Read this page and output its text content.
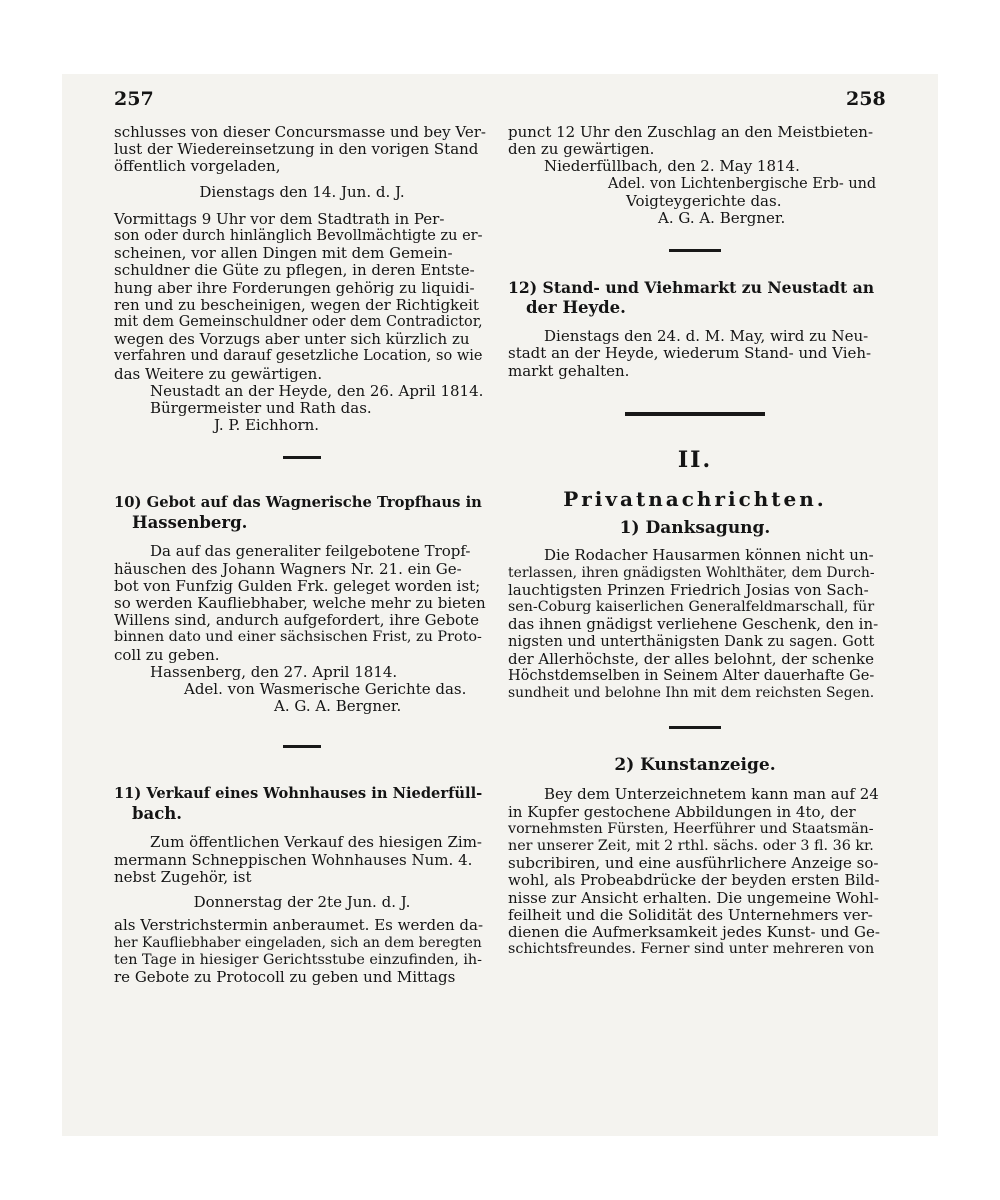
257	258
schlusses von dieser Concursmasse und bey Ver-
lust der Wiedereinsetzung in den vorigen Stand
öffentlich vorgeladen,
Dienstags den 14. Jun. d. J.
Vormittags 9 Uhr vor dem Stadtrath in Per-
son oder durch hinlänglich Bevollmächtigte zu er-
scheinen, vor allen Dingen mit dem Gemein-
schuldner die Güte zu pflegen, in deren Entste-
hung aber ihre Forderungen gehörig zu liquidi-
ren und zu bescheinigen, wegen der Richtigkeit
mit dem Gemeinschuldner oder dem Contradictor,
wegen des Vorzugs aber unter sich kürzlich zu
verfahren und darauf gesetzliche Location, so wie
das Weitere zu gewärtigen.
Neustadt an der Heyde, den 26. April 1814.
Bürgermeister und Rath das.
J. P. Eichhorn.
10) Gebot auf das Wagnerische Tropfhaus in
Hassenberg.
Da auf das generaliter feilgebotene Tropf-
häuschen des Johann Wagners Nr. 21. ein Ge-
bot von Funfzig Gulden Frk. geleget worden ist;
so werden Kaufliebhaber, welche mehr zu bieten
Willens sind, andurch aufgefordert, ihre Gebote
binnen dato und einer sächsischen Frist, zu Proto-
coll zu geben.
Hassenberg, den 27. April 1814.
Adel. von Wasmerische Gerichte das.
A. G. A. Bergner.
11) Verkauf eines Wohnhauses in Niederfüll-
bach.
Zum öffentlichen Verkauf des hiesigen Zim-
mermann Schneppischen Wohnhauses Num. 4.
nebst Zugehör, ist
Donnerstag der 2te Jun. d. J.
als Verstrichstermin anberaumet. Es werden da-
her Kaufliebhaber eingeladen, sich an dem beregten
ten Tage in hiesiger Gerichtsstube einzufinden, ih-
re Gebote zu Protocoll zu geben und Mittags
punct 12 Uhr den Zuschlag an den Meistbieten-
den zu gewärtigen.
Niederfüllbach, den 2. May 1814.
Adel. von Lichtenbergische Erb- und
Voigteygerichte das.
A. G. A. Bergner.
12) Stand- und Viehmarkt zu Neustadt an
der Heyde.
Dienstags den 24. d. M. May, wird zu Neu-
stadt an der Heyde, wiederum Stand- und Vieh-
markt gehalten.
II.
Privatnachrichten.
1) Danksagung.
Die Rodacher Hausarmen können nicht un-
terlassen, ihren gnädigsten Wohlthäter, dem Durch-
lauchtigsten Prinzen Friedrich Josias von Sach-
sen-Coburg kaiserlichen Generalfeldmarschall, für
das ihnen gnädigst verliehene Geschenk, den in-
nigsten und unterthänigsten Dank zu sagen. Gott
der Allerhöchste, der alles belohnt, der schenke
Höchstdemselben in Seinem Alter dauerhafte Ge-
sundheit und belohne Ihn mit dem reichsten Segen.
2) Kunstanzeige.
Bey dem Unterzeichnetem kann man auf 24
in Kupfer gestochene Abbildungen in 4to, der
vornehmsten Fürsten, Heerführer und Staatsmän-
ner unserer Zeit, mit 2 rthl. sächs. oder 3 fl. 36 kr.
subcribiren, und eine ausführlichere Anzeige so-
wohl, als Probeabdrücke der beyden ersten Bild-
nisse zur Ansicht erhalten. Die ungemeine Wohl-
feilheit und die Solidität des Unternehmers ver-
dienen die Aufmerksamkeit jedes Kunst- und Ge-
schichtsfreundes. Ferner sind unter mehreren von
